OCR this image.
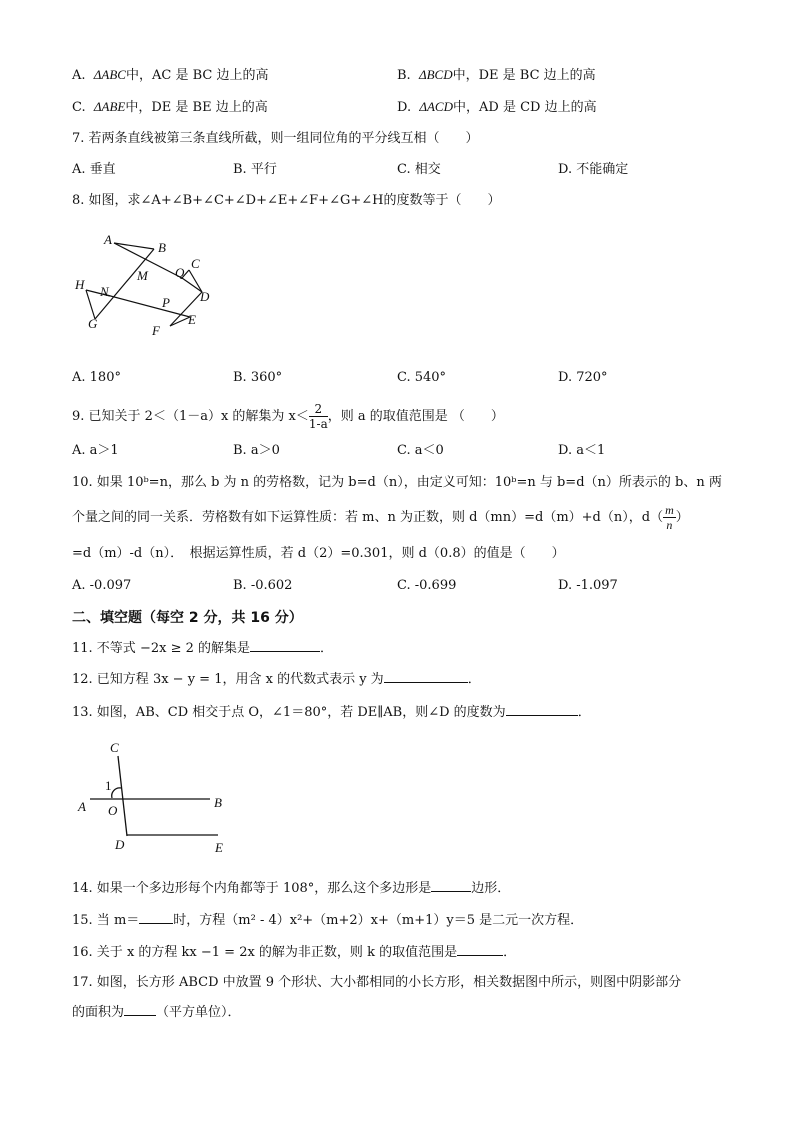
A. ΔABC中，AC 是 BC 边上的高	B. ΔBCD中，DE 是 BC 边上的高
C. ΔABE中，DE 是 BE 边上的高	D. ΔACD中，AD 是 CD 边上的高
7. 若两条直线被第三条直线所截，则一组同位角的平分线互相（　　）
A. 垂直	B. 平行	C. 相交	D. 不能确定
8. 如图，求∠A+∠B+∠C+∠D+∠E+∠F+∠G+∠H的度数等于（　　）
A
B
C
D
E
F
G
H
M
N
P
Q
A. 180°	B. 360°	C. 540°	D. 720°
9. 已知关于 2＜（1－a）x 的解集为 $x< \frac{2}{1-a}$ ，则 a 的取值范围是 （　　）
A. a＞1	B. a＞0	C. a＜0	D. a＜1
10. 如果 10ᵇ=n，那么 b 为 n 的劳格数，记为 b=d（n），由定义可知：10ᵇ=n 与 b=d（n）所表示的 b、n 两
个量之间的同一关系．劳格数有如下运算性质：若 m、n 为正数，则 d（mn）=d（m）+d（n），$d( \frac{m}{n}$ ）
=d（m）-d（n）．　根据运算性质，若 d（2）=0.301，则 d（0.8）的值是（　　）
A. -0.097	B. -0.602	C. -0.699	D. -1.097
二、填空题（每空 2 分，共 16 分）
11. 不等式 −2x ≥ 2 的解集是	．
12. 已知方程 3x − y = 1，用含 x 的代数式表示 y 为	．
13. 如图，AB、CD 相交于点 O，∠1＝80°，若 DE∥AB，则∠D 的度数为	．
C
1
A O
B
D	E
14. 如果一个多边形每个内角都等于 108°，那么这个多边形是	边形．
15. 当 m＝	时，方程（m² - 4）x²+（m+2）x+（m+1）y＝5 是二元一次方程．
16. 关于 x 的方程 kx −1 = 2x 的解为非正数，则 k 的取值范围是	．
17. 如图，长方形 ABCD 中放置 9 个形状、大小都相同的小长方形，相关数据图中所示，则图中阴影部分
的面积为 （平方单位）．
